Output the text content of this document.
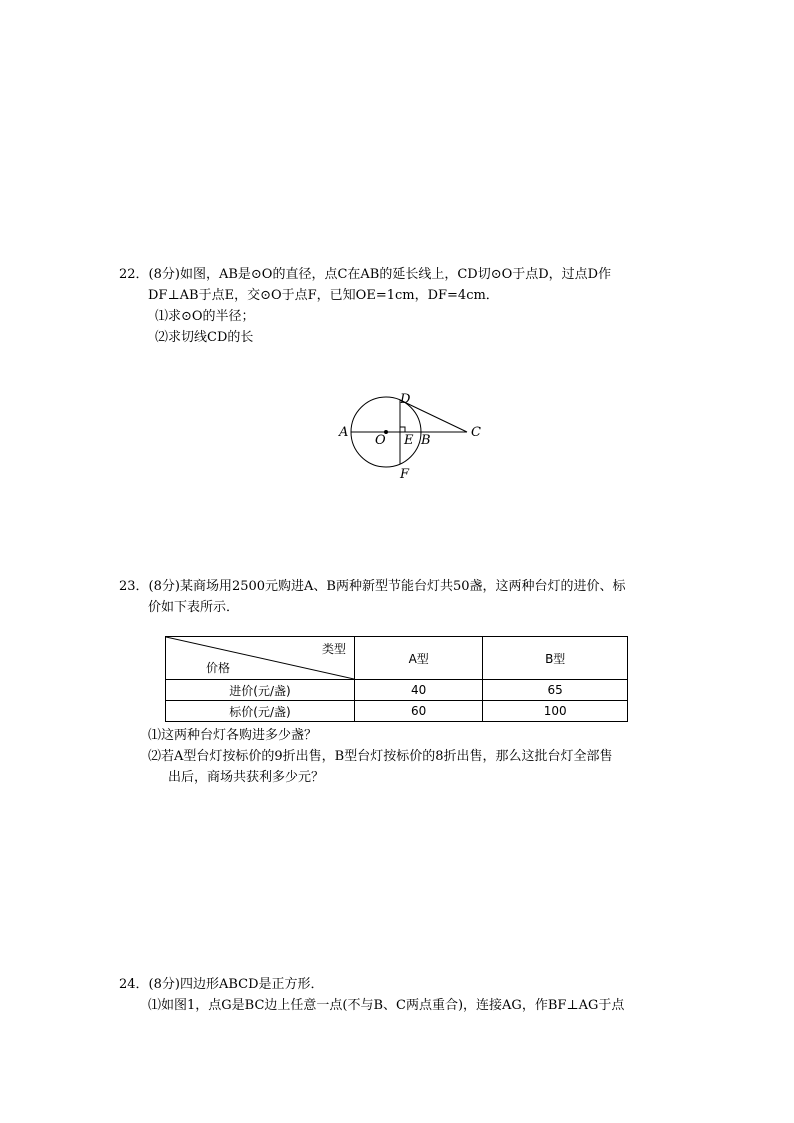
22．(8分)如图，AB是⊙O的直径，点C在AB的延长线上，CD切⊙O于点D，过点D作
DF⊥AB于点E，交⊙O于点F，已知OE=1cm，DF=4cm．
⑴求⊙O的半径；
⑵求切线CD的长
A
O E B
C
D
F
23．(8分)某商场用2500元购进A、B两种新型节能台灯共50盏，这两种台灯的进价、标
价如下表所示．
类型
价格	A型	B型
进价(元/盏)	40	65
标价(元/盏)	60	100
⑴这两种台灯各购进多少盏？
⑵若A型台灯按标价的9折出售，B型台灯按标价的8折出售，那么这批台灯全部售
出后，商场共获利多少元？
24．(8分)四边形ABCD是正方形．
⑴如图1，点G是BC边上任意一点(不与B、C两点重合)，连接AG，作BF⊥AG于点
